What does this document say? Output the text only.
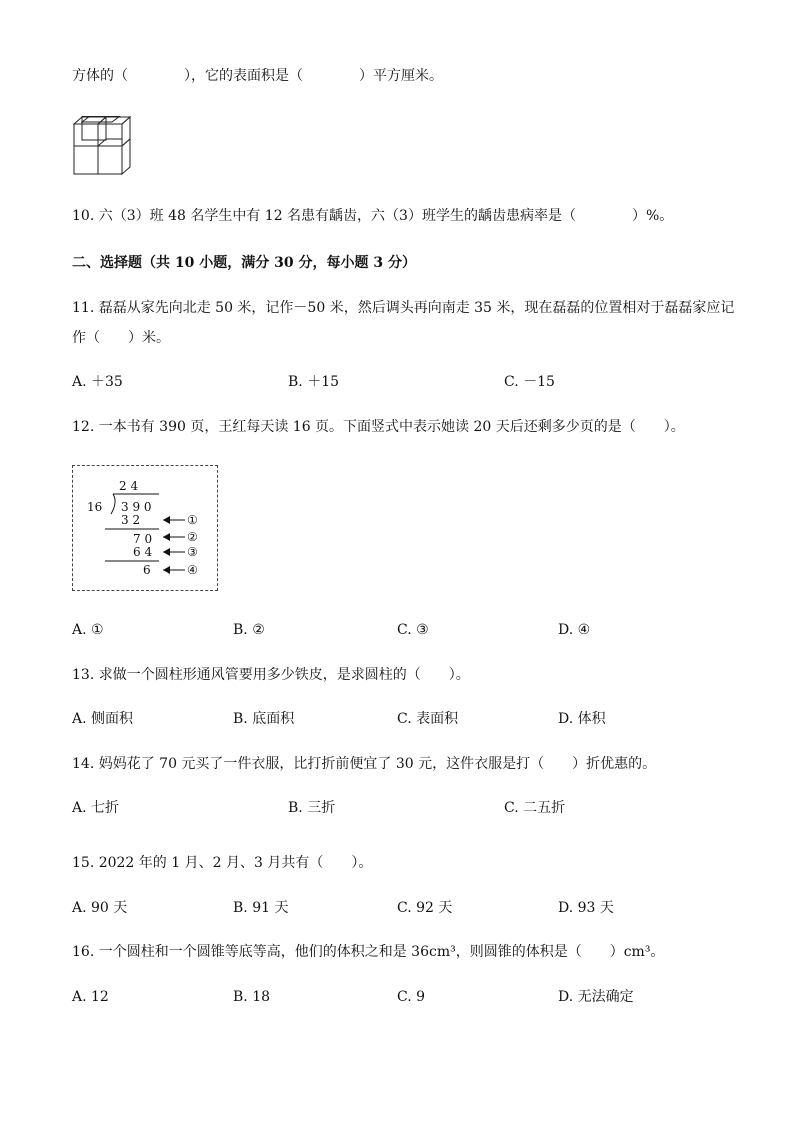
方体的（　　　　），它的表面积是（　　　　）平方厘米。
10. 六（3）班 48 名学生中有 12 名患有龋齿，六（3）班学生的龋齿患病率是（　　　　）%。
二、选择题（共 10 小题，满分 30 分，每小题 3 分）
11. 磊磊从家先向北走 50 米，记作－50 米，然后调头再向南走 35 米，现在磊磊的位置相对于磊磊家应记
作（　　）米。
A. ＋35	B. ＋15	C. －15
12. 一本书有 390 页，王红每天读 16 页。下面竖式中表示她读 20 天后还剩多少页的是（　　）。
2 4
16 3 9 0
3 2
7 0
6 4
6
①
②
③
④
A. ①	B. ②	C. ③	D. ④
13. 求做一个圆柱形通风管要用多少铁皮，是求圆柱的（　　）。
A. 侧面积	B. 底面积	C. 表面积	D. 体积
14. 妈妈花了 70 元买了一件衣服，比打折前便宜了 30 元，这件衣服是打（　　）折优惠的。
A. 七折	B. 三折	C. 二五折
15. 2022 年的 1 月、2 月、3 月共有（　　）。
A. 90 天	B. 91 天	C. 92 天	D. 93 天
16. 一个圆柱和一个圆锥等底等高，他们的体积之和是 36cm³，则圆锥的体积是（　　）cm³。
A. 12	B. 18	C. 9	D. 无法确定
